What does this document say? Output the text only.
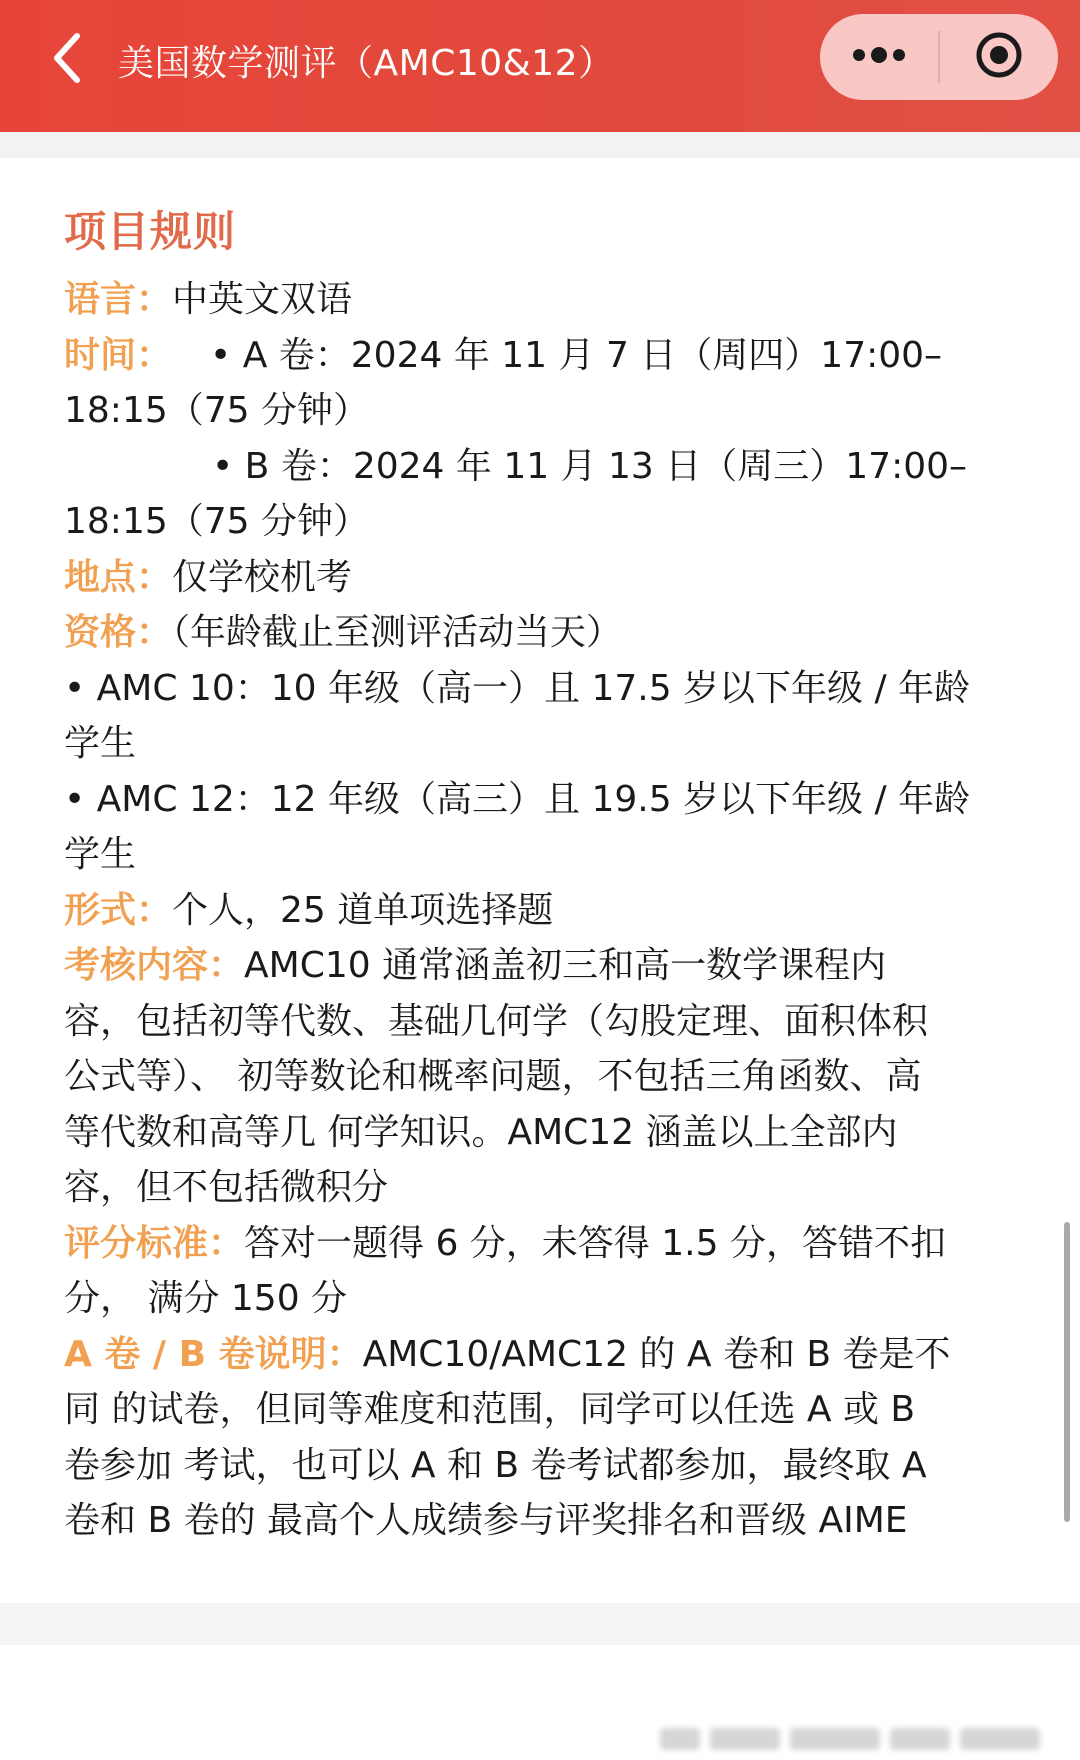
美国数学测评（AMC10&12）
项目规则
语言：中英文双语
时间： • A 卷：2024 年 11 月 7 日（周四）17:00–
18:15（75 分钟）
• B 卷：2024 年 11 月 13 日（周三）17:00–
18:15（75 分钟）
地点：仅学校机考
资格：（年龄截止至测评活动当天）
• AMC 10：10 年级（高一）且 17.5 岁以下年级 / 年龄
学生
• AMC 12：12 年级（高三）且 19.5 岁以下年级 / 年龄
学生
形式：个人，25 道单项选择题
考核内容：AMC10 通常涵盖初三和高一数学课程内
容，包括初等代数、基础几何学（勾股定理、面积体积
公式等）、 初等数论和概率问题，不包括三角函数、高
等代数和高等几 何学知识。AMC12 涵盖以上全部内
容，但不包括微积分
评分标准：答对一题得 6 分，未答得 1.5 分，答错不扣
分， 满分 150 分
A 卷 / B 卷说明：AMC10/AMC12 的 A 卷和 B 卷是不
同 的试卷，但同等难度和范围，同学可以任选 A 或 B
卷参加 考试，也可以 A 和 B 卷考试都参加，最终取 A
卷和 B 卷的 最高个人成绩参与评奖排名和晋级 AIME
